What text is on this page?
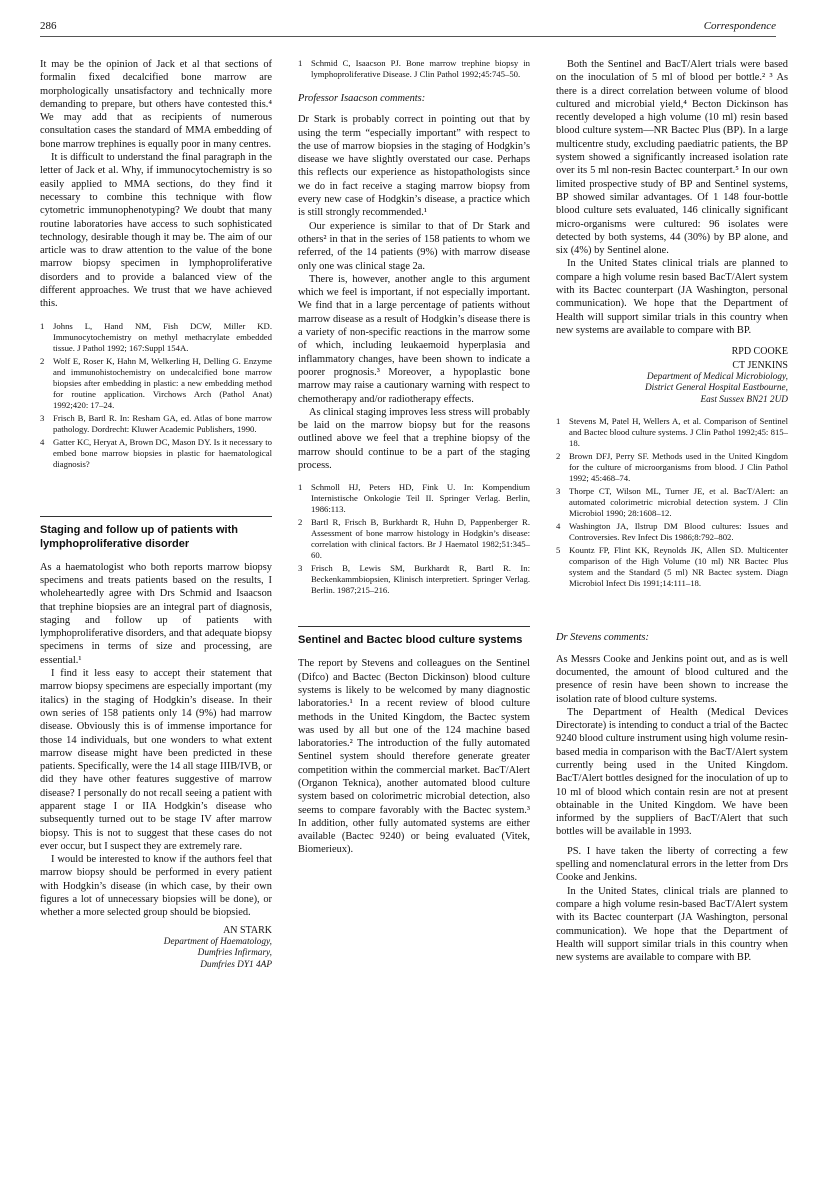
286	Correspondence

It may be the opinion of Jack et al that sections of formalin fixed decalcified bone marrow are morphologically unsatisfactory and technically more demanding to prepare, but others have contested this.⁴ We may add that as recipients of numerous consultation cases the standard of MMA embedding of bone marrow trephines is equally poor in many centres.

It is difficult to understand the final paragraph in the letter of Jack et al. Why, if immunocytochemistry is so easily applied to MMA sections, do they find it necessary to combine this technique with flow cytometric immunophenotyping? We doubt that many routine laboratories have access to such sophisticated technology, desirable though it may be. The aim of our article was to draw attention to the value of the bone marrow biopsy specimen in lymphoproliferative disorders and to provide a balanced view of the different approaches. We trust that we have achieved this.

1 Johns L, Hand NM, Fish DCW, Miller KD. Immunocytochemistry on methyl methacrylate embedded tissue. J Pathol 1992; 167:Suppl 154A.
2 Wolf E, Roser K, Hahn M, Welkerling H, Delling G. Enzyme and immunohistochemistry on undecalcified bone marrow biopsies after embedding in plastic: a new embedding method for routine application. Virchows Arch (Pathol Anat) 1992;420: 17–24.
3 Frisch B, Bartl R. In: Resham GA, ed. Atlas of bone marrow pathology. Dordrecht: Kluwer Academic Publishers, 1990.
4 Gatter KC, Heryat A, Brown DC, Mason DY. Is it necessary to embed bone marrow biopsies in plastic for haematological diagnosis?
Staging and follow up of patients with lymphoproliferative disorder

As a haematologist who both reports marrow biopsy specimens and treats patients based on the results, I wholeheartedly agree with Drs Schmid and Isaacson that trephine biopsies are an integral part of diagnosis, staging and follow up of patients with lymphoproliferative disorders, and that adequate biopsy specimens in terms of size and processing, are essential.¹

I find it less easy to accept their statement that marrow biopsy specimens are especially important (my italics) in the staging of Hodgkin’s disease. In their own series of 158 patients only 14 (9%) had marrow disease. Obviously this is of immense importance for those 14 individuals, but one wonders to what extent marrow disease might have been predicted in these patients. Specifically, were the 14 all stage IIIB/IVB, or did they have other features suggestive of marrow disease? I personally do not recall seeing a patient with apparent stage I or IIA Hodgkin’s disease who subsequently turned out to be stage IV after marrow biopsy. This is not to suggest that these cases do not ever occur, but I suspect they are extremely rare.

I would be interested to know if the authors feel that marrow biopsy should be performed in every patient with Hodgkin’s disease (in which case, by their own figures a lot of unnecessary biopsies will be done), or whether a more selected group should be biopsied.

AN STARK
Department of Haematology,
Dumfries Infirmary,
Dumfries DY1 4AP
1 Schmid C, Isaacson PJ. Bone marrow trephine biopsy in lymphoproliferative Disease. J Clin Pathol 1992;45:745–50.
Professor Isaacson comments:

Dr Stark is probably correct in pointing out that by using the term “especially important” with respect to the use of marrow biopsies in the staging of Hodgkin’s disease we have slightly overstated our case. Perhaps this reflects our experience as histopathologists since we do in fact receive a staging marrow biopsy from every new case of Hodgkin’s disease, a practice which is still strongly recommended.¹

Our experience is similar to that of Dr Stark and others² in that in the series of 158 patients to whom we referred, of the 14 patients (9%) with marrow disease only one was clinical stage 2a.

There is, however, another angle to this argument which we feel is important, if not especially important. We find that in a large percentage of patients without marrow disease as a result of Hodgkin’s disease there is a variety of non-specific reactions in the marrow some of which, including leukaemoid hyperplasia and inflammatory changes, have been shown to indicate a poorer prognosis.³ Moreover, a hypoplastic bone marrow may raise a cautionary warning with respect to chemotherapy and/or radiotherapy effects.

As clinical staging improves less stress will probably be laid on the marrow biopsy but for the reasons outlined above we feel that a trephine biopsy of the marrow should continue to be a part of the staging process.

1 Schmoll HJ, Peters HD, Fink U. In: Kompendium Internistische Onkologie Teil II. Springer Verlag. Berlin, 1986:113.
2 Bartl R, Frisch B, Burkhardt R, Huhn D, Pappenberger R. Assessment of bone marrow histology in Hodgkin’s disease: correlation with clinical factors. Br J Haematol 1982;51:345–60.
3 Frisch B, Lewis SM, Burkhardt R, Bartl R. In: Beckenkammbiopsien, Klinisch interpretiert. Springer Verlag. Berlin. 1987;215–216.
Sentinel and Bactec blood culture systems

The report by Stevens and colleagues on the Sentinel (Difco) and Bactec (Becton Dickinson) blood culture systems is likely to be welcomed by many diagnostic laboratories.¹ In a recent review of blood culture methods in the United Kingdom, the Bactec system was used by all but one of the 124 machine based laboratories.² The introduction of the fully automated Sentinel system should therefore generate greater competition within the commercial market. BacT/Alert (Organon Teknica), another automated blood culture system based on colorimetric microbial detection, also seems to compare favorably with the Bactec system.³ In addition, other fully automated systems are either available (Bactec 9240) or being evaluated (Vitek, Biomerieux).

Both the Sentinel and BacT/Alert trials were based on the inoculation of 5 ml of blood per bottle.² ³ As there is a direct correlation between volume of blood cultured and microbial yield,⁴ Becton Dickinson has recently developed a high volume (10 ml) resin based blood culture system—NR Bactec Plus (BP). In a large multicentre study, excluding paediatric patients, the BP system showed a significantly increased isolation rate over its 5 ml non-resin Bactec counterpart.⁵ In our own limited prospective study of BP and Sentinel systems, BP showed similar advantages. Of 1 148 four-bottle blood culture sets evaluated, 146 clinically significant micro-organisms were cultured: 96 isolates were detected by both systems, 44 (30%) by BP alone, and six (4%) by Sentinel alone.

In the United States clinical trials are planned to compare a high volume resin based BacT/Alert system with its Bactec counterpart (JA Washington, personal communication). We hope that the Department of Health will support similar trials in this country when new systems are available to compare with BP.

RPD COOKE
CT JENKINS
Department of Medical Microbiology,
District General Hospital Eastbourne,
East Sussex BN21 2UD
1 Stevens M, Patel H, Wellers A, et al. Comparison of Sentinel and Bactec blood culture systems. J Clin Pathol 1992;45: 815–18.
2 Brown DFJ, Perry SF. Methods used in the United Kingdom for the culture of microorganisms from blood. J Clin Pathol 1992; 45:468–74.
3 Thorpe CT, Wilson ML, Turner JE, et al. BacT/Alert: an automated colorimetric microbial detection system. J Clin Microbiol 1990; 28:1608–12.
4 Washington JA, Ilstrup DM Blood cultures: Issues and Controversies. Rev Infect Dis 1986;8:792–802.
5 Kountz FP, Flint KK, Reynolds JK, Allen SD. Multicenter comparison of the High Volume (10 ml) NR Bactec Plus system and the Standard (5 ml) NR Bactec system. Diagn Microbiol Infect Dis 1991;14:111–18.
Dr Stevens comments:

As Messrs Cooke and Jenkins point out, and as is well documented, the amount of blood cultured and the presence of resin have been shown to increase the isolation rate of blood culture systems.

The Department of Health (Medical Devices Directorate) is intending to conduct a trial of the Bactec 9240 blood culture instrument using high volume resin-based media in comparison with the BacT/Alert system currently being used in the United Kingdom. BacT/Alert bottles designed for the inoculation of up to 10 ml of blood which contain resin are not at present obtainable in the United Kingdom. We have been informed by the suppliers of BacT/Alert that such bottles will be available in 1993.

PS. I have taken the liberty of correcting a few spelling and nomenclatural errors in the letter from Drs Cooke and Jenkins.

In the United States, clinical trials are planned to compare a high volume resin-based BacT/Alert system with its Bactec counterpart (JA Washington, personal communication). We hope that the Department of Health will support similar trials in this country when new systems are available to compare with BP.
